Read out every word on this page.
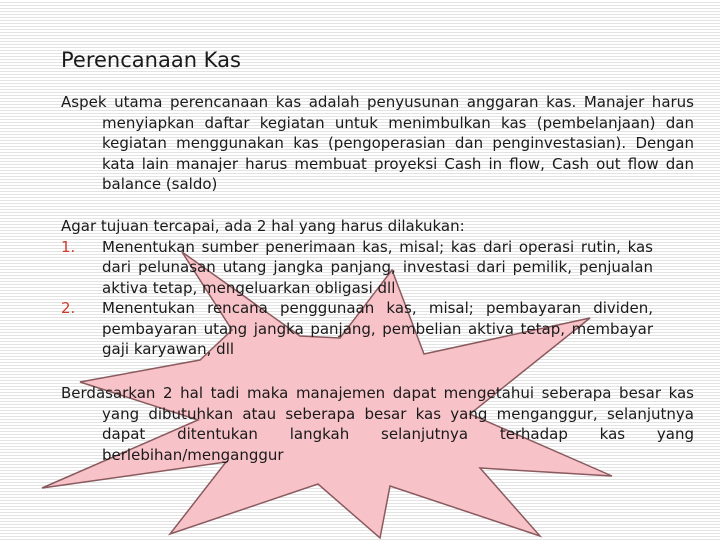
Perencanaan Kas
Aspek utama perencanaan kas adalah penyusunan anggaran kas. Manajer harus menyiapkan daftar kegiatan untuk menimbulkan kas (pembelanjaan) dan kegiatan menggunakan kas (pengoperasian dan penginvestasian). Dengan kata lain manajer harus membuat proyeksi Cash in flow, Cash out flow dan balance (saldo)
Agar tujuan tercapai, ada 2 hal yang harus dilakukan:
1.	Menentukan sumber penerimaan kas, misal; kas dari operasi rutin, kas dari pelunasan utang jangka panjang, investasi dari pemilik, penjualan aktiva tetap, mengeluarkan obligasi dll
2.	Menentukan rencana penggunaan kas, misal; pembayaran dividen, pembayaran utang jangka panjang, pembelian aktiva tetap, membayar gaji karyawan, dll
Berdasarkan 2 hal tadi maka manajemen dapat mengetahui seberapa besar kas yang dibutuhkan atau seberapa besar kas yang menganggur, selanjutnya dapat ditentukan langkah selanjutnya terhadap kas yang berlebihan/menganggur
